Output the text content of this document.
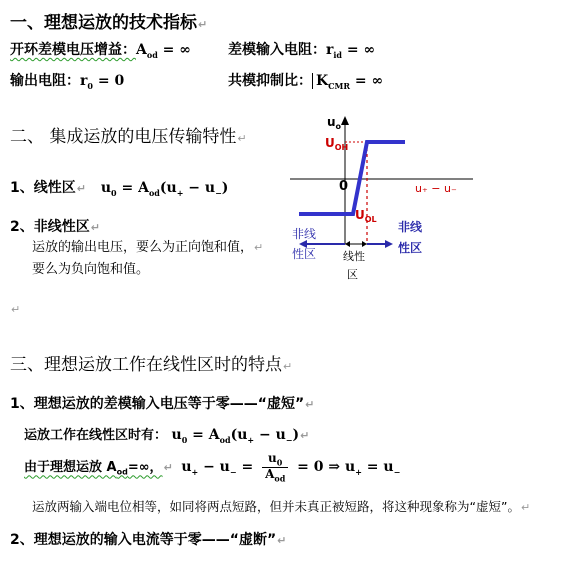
一、理想运放的技术指标↵
开环差模电压增益：$A_{od}$ = ∞	差模输入电阻：$r_{id}$ = ∞
输出电阻：$r_0 = 0$	共模抑制比： $K_{CMR}$ = ∞
二、 集成运放的电压传输特性↵
1、线性区↵ $u_0 = A_{od}(u_+ - u_-)$
2、非线性区↵
运放的输出电压，要么为正向饱和值，↵
要么为负向饱和值。
↵
$u_o$
$U_{OH}$
0
$U_{OL}$
u₊ − u₋
非线
性区 线性
区
非线
性区
三、理想运放工作在线性区时的特点↵
1、理想运放的差模输入电压等于零——“虚短”↵
运放工作在线性区时有： $u_0 = A_{od}(u_+$ − $u_-)↵$
由于理想运放 $A_{od}=\infty$，↵ $u_+ - u_- = \frac{u_0}{A_{od}} = 0$ ⇒ $u_+ = u_-$
运放两输入端电位相等，如同将两点短路，但并未真正被短路，将这种现象称为“虚短”。↵
2、理想运放的输入电流等于零——“虚断”↵
